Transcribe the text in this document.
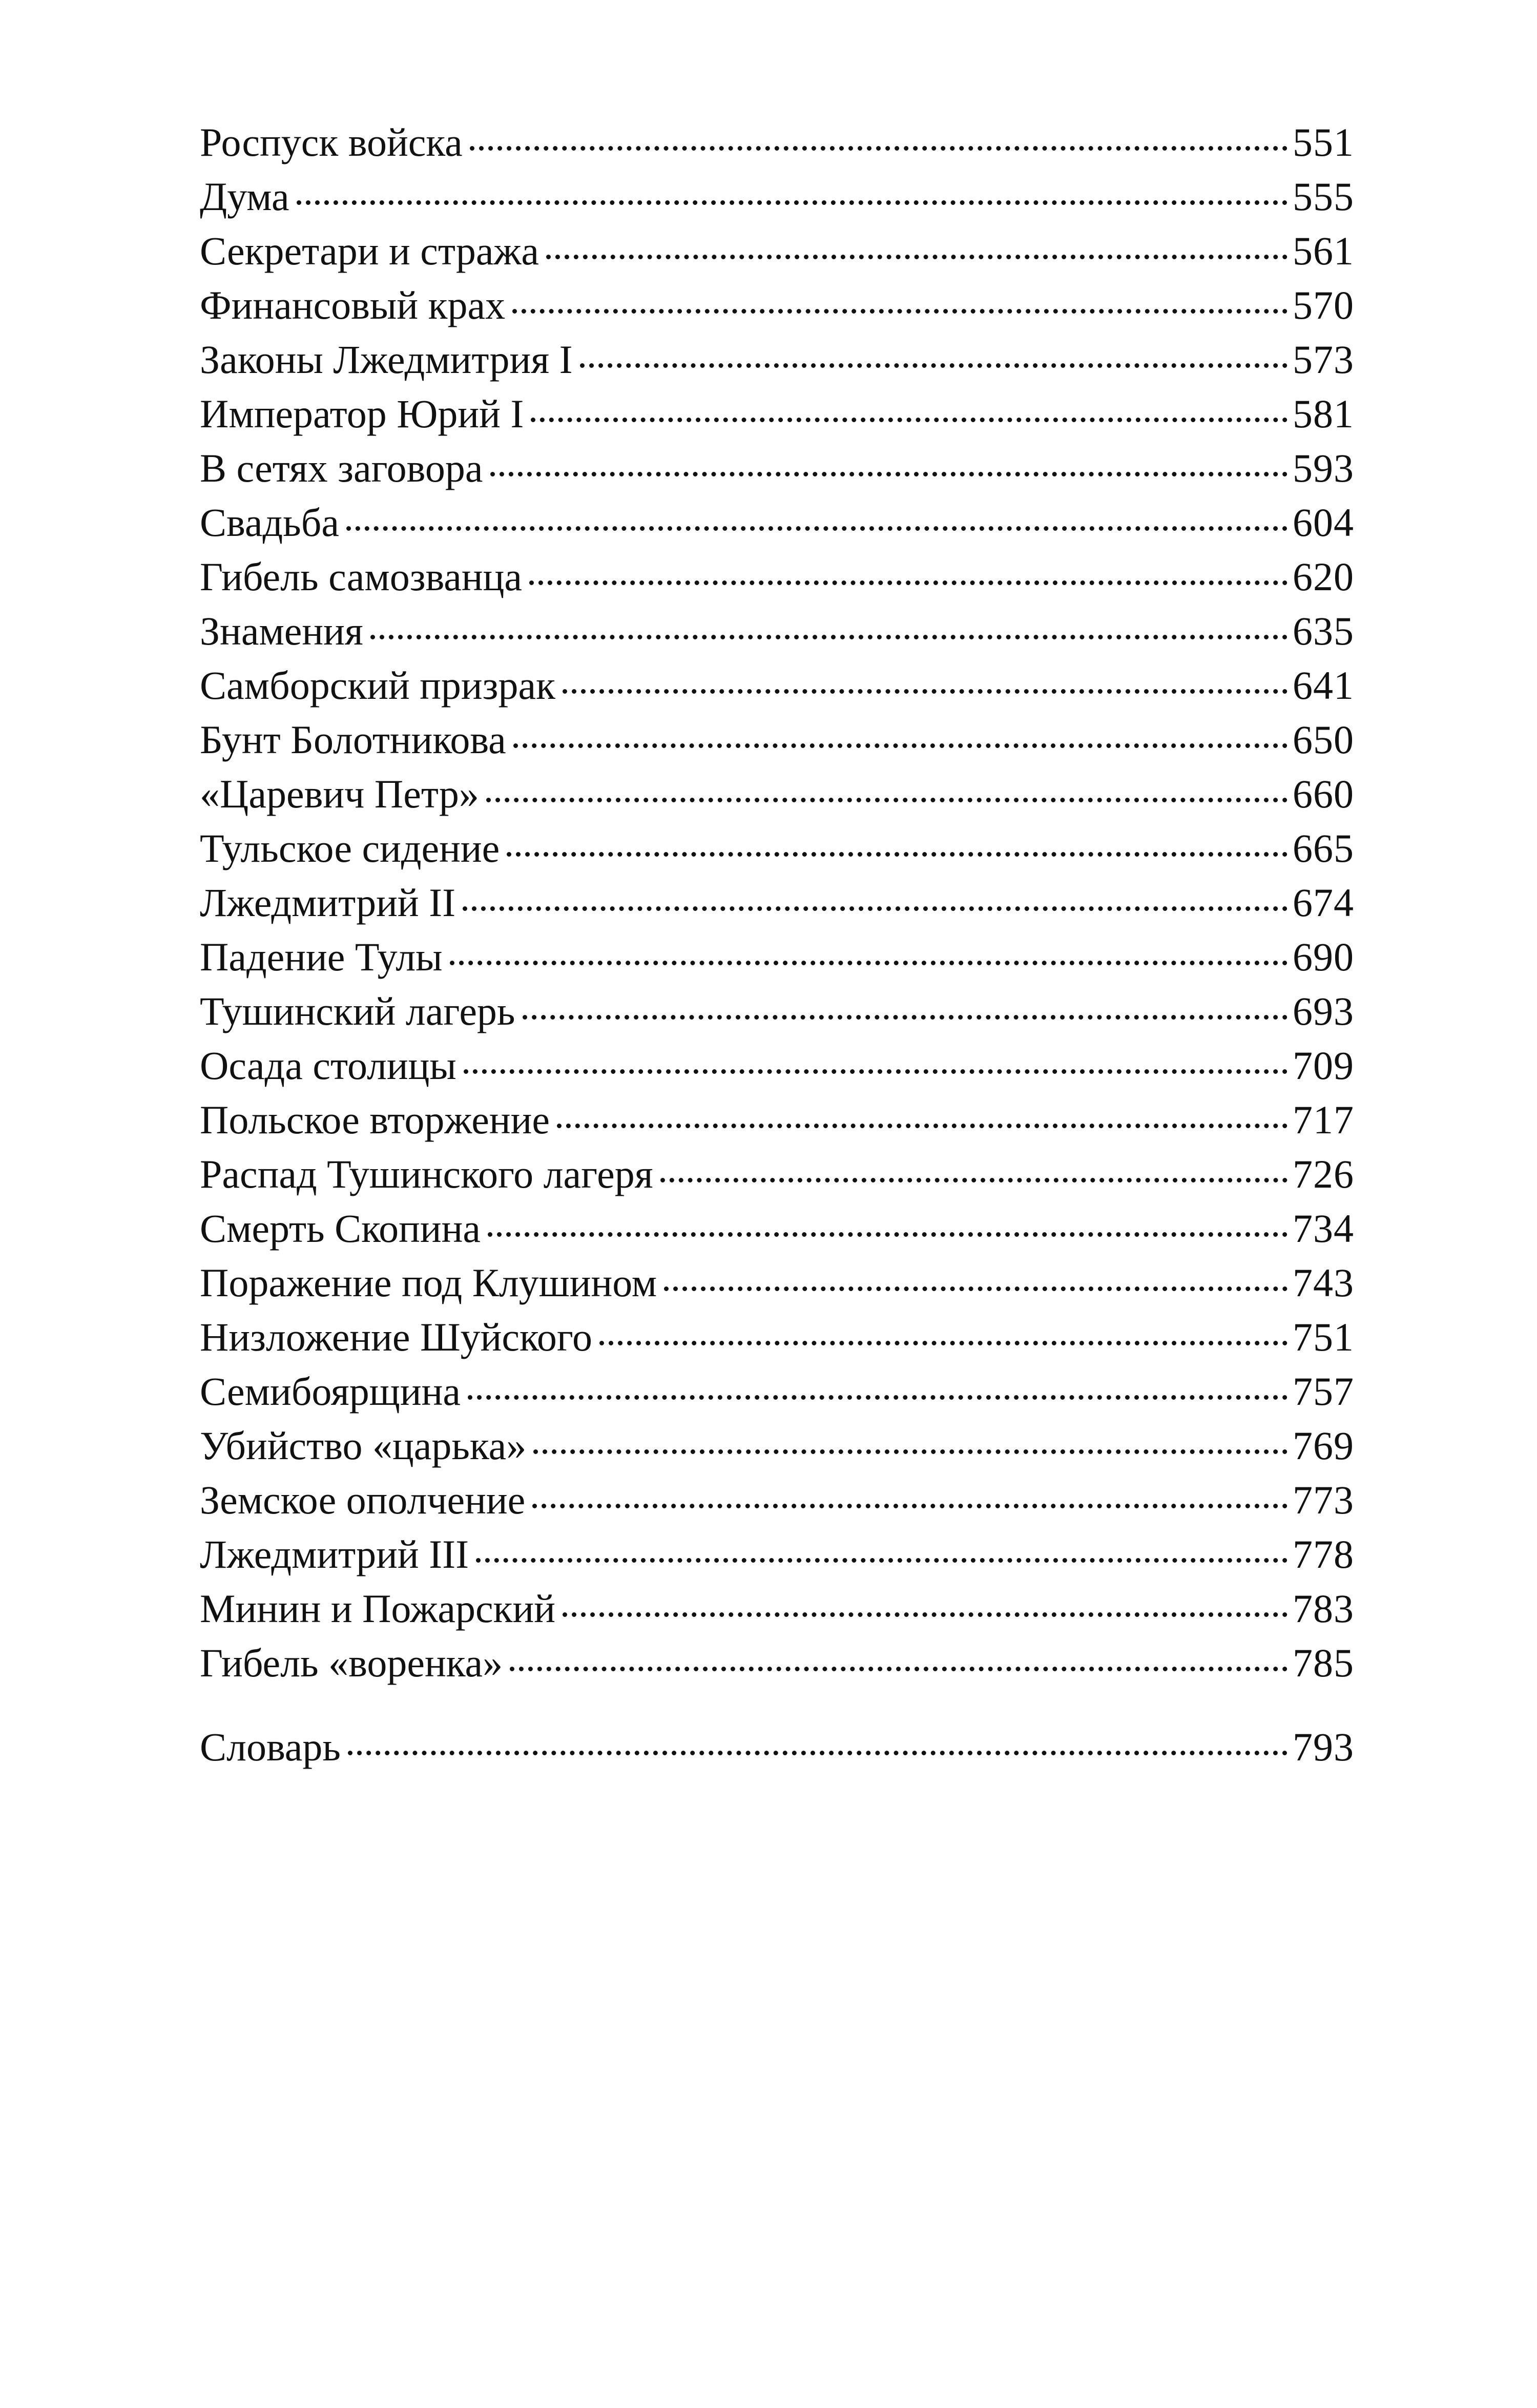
Роспуск войска	551
Дума	555
Секретари и стража	561
Финансовый крах	570
Законы Лжедмитрия I	573
Император Юрий I	581
В сетях заговора	593
Свадьба	604
Гибель самозванца	620
Знамения	635
Самборский призрак	641
Бунт Болотникова	650
«Царевич Петр»	660
Тульское сидение	665
Лжедмитрий II	674
Падение Тулы	690
Тушинский лагерь	693
Осада столицы	709
Польское вторжение	717
Распад Тушинского лагеря	726
Смерть Скопина	734
Поражение под Клушином	743
Низложение Шуйского	751
Семибоярщина	757
Убийство «царька»	769
Земское ополчение	773
Лжедмитрий III	778
Минин и Пожарский	783
Гибель «воренка»	785
Словарь	793
